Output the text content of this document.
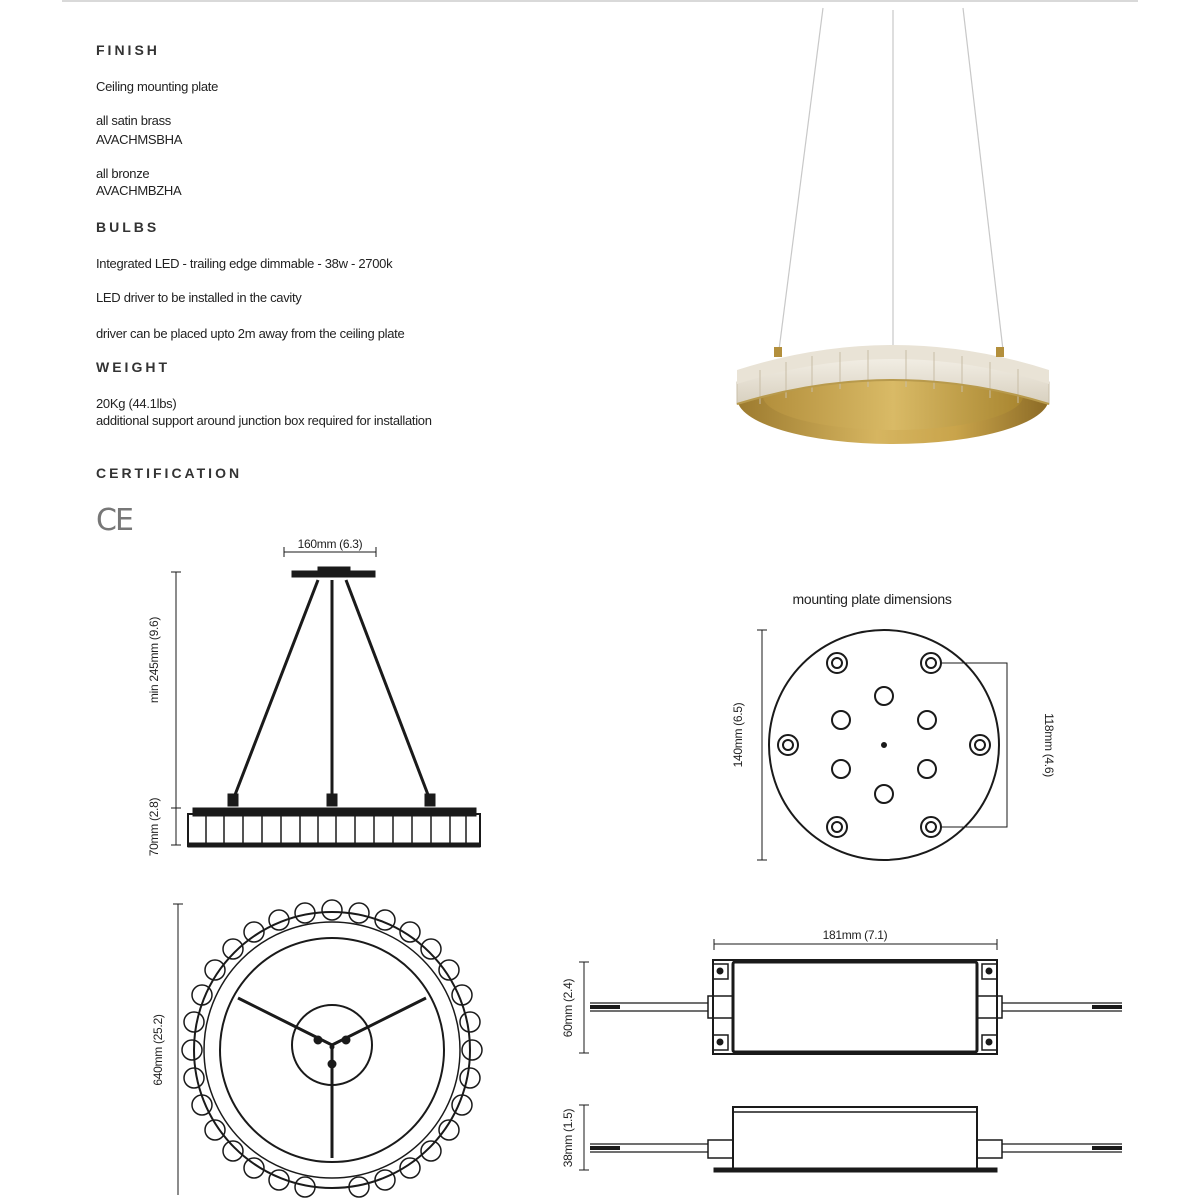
FINISH
Ceiling mounting plate
all satin brass
AVACHMSBHA
all bronze
AVACHMBZHA
BULBS
Integrated LED - trailing edge dimmable - 38w - 2700k
LED driver to be installed in the cavity
driver can be placed upto 2m away from the ceiling plate
WEIGHT
20Kg (44.1lbs)
additional support around junction box required for installation
CERTIFICATION
CE
160mm (6.3)
min 245mm (9.6)
70mm (2.8)
640mm (25.2)
mounting plate dimensions
140mm (6.5)	118mm (4.6)
181mm (7.1)
60mm (2.4)
38mm (1.5)
